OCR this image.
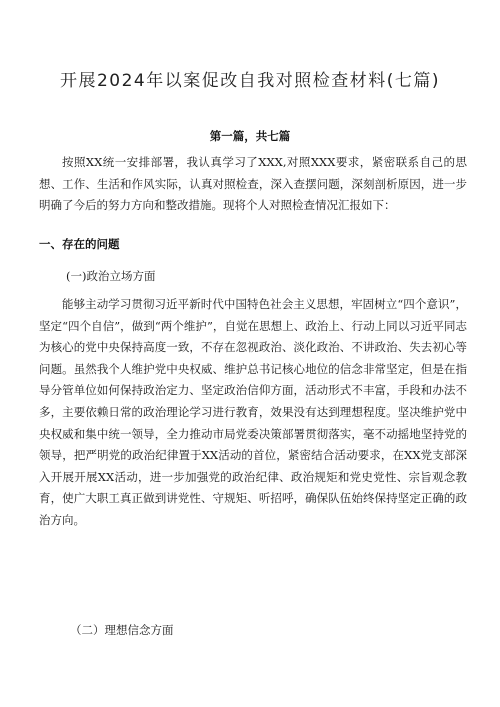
开展2024年以案促改自我对照检查材料(七篇)
第一篇，共七篇

按照XX统一安排部署，我认真学习了XXX,对照XXX要求，紧密联系自己的思想、工作、生活和作风实际，认真对照检查，深入查摆问题，深刻剖析原因，进一步明确了今后的努力方向和整改措施。现将个人对照检查情况汇报如下：

一、存在的问题
(一)政治立场方面

能够主动学习贯彻习近平新时代中国特色社会主义思想，牢固树立“四个意识”，坚定“四个自信”，做到“两个维护”，自觉在思想上、政治上、行动上同以习近平同志为核心的党中央保持高度一致，不存在忽视政治、淡化政治、不讲政治、失去初心等问题。虽然我个人维护党中央权威、维护总书记核心地位的信念非常坚定，但是在指导分管单位如何保持政治定力、坚定政治信仰方面，活动形式不丰富，手段和办法不多，主要依赖日常的政治理论学习进行教育，效果没有达到理想程度。坚决维护党中央权威和集中统一领导，全力推动市局党委决策部署贯彻落实，毫不动摇地坚持党的领导，把严明党的政治纪律置于XX活动的首位，紧密结合活动要求，在XX党支部深入开展开展XX活动，进一步加强党的政治纪律、政治规矩和党史党性、宗旨观念教育，使广大职工真正做到讲党性、守规矩、听招呼，确保队伍始终保持坚定正确的政治方向。

（二）理想信念方面
